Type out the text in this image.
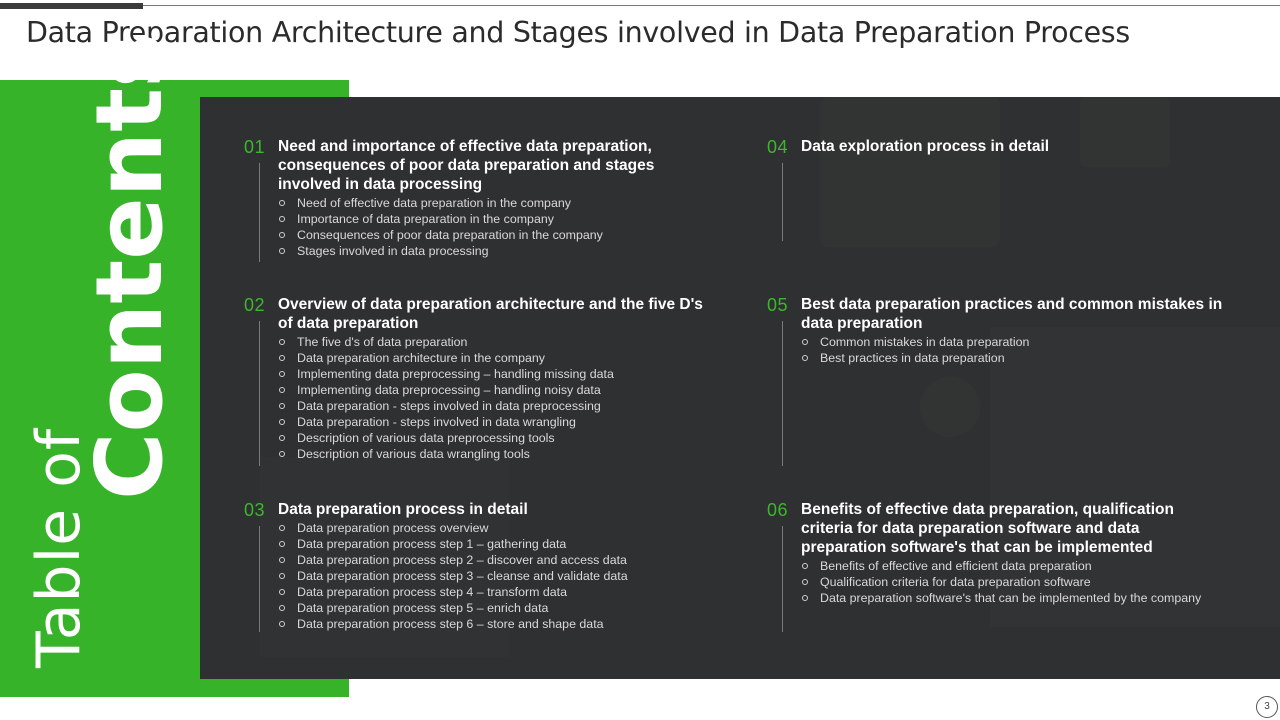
Data Preparation Architecture and Stages involved in Data Preparation Process
Table of
Contents	01 Need and importance of effective data preparation, consequences of poor data preparation and stages involved in data processing
Need of effective data preparation in the company
Importance of data preparation in the company
Consequences of poor data preparation in the company
Stages involved in data processing
02 Overview of data preparation architecture and the five D's of data preparation
The five d's of data preparation
Data preparation architecture in the company
Implementing data preprocessing – handling missing data
Implementing data preprocessing – handling noisy data
Data preparation - steps involved in data preprocessing
Data preparation - steps involved in data wrangling
Description of various data preprocessing tools
Description of various data wrangling tools
03 Data preparation process in detail
Data preparation process overview
Data preparation process step 1 – gathering data
Data preparation process step 2 – discover and access data
Data preparation process step 3 – cleanse and validate data
Data preparation process step 4 – transform data
Data preparation process step 5 – enrich data
Data preparation process step 6 – store and shape data
04 Data exploration process in detail
05 Best data preparation practices and common mistakes in data preparation
Common mistakes in data preparation
Best practices in data preparation
06 Benefits of effective data preparation, qualification criteria for data preparation software and data preparation software's that can be implemented
Benefits of effective and efficient data preparation
Qualification criteria for data preparation software
Data preparation software's that can be implemented by the company
3
